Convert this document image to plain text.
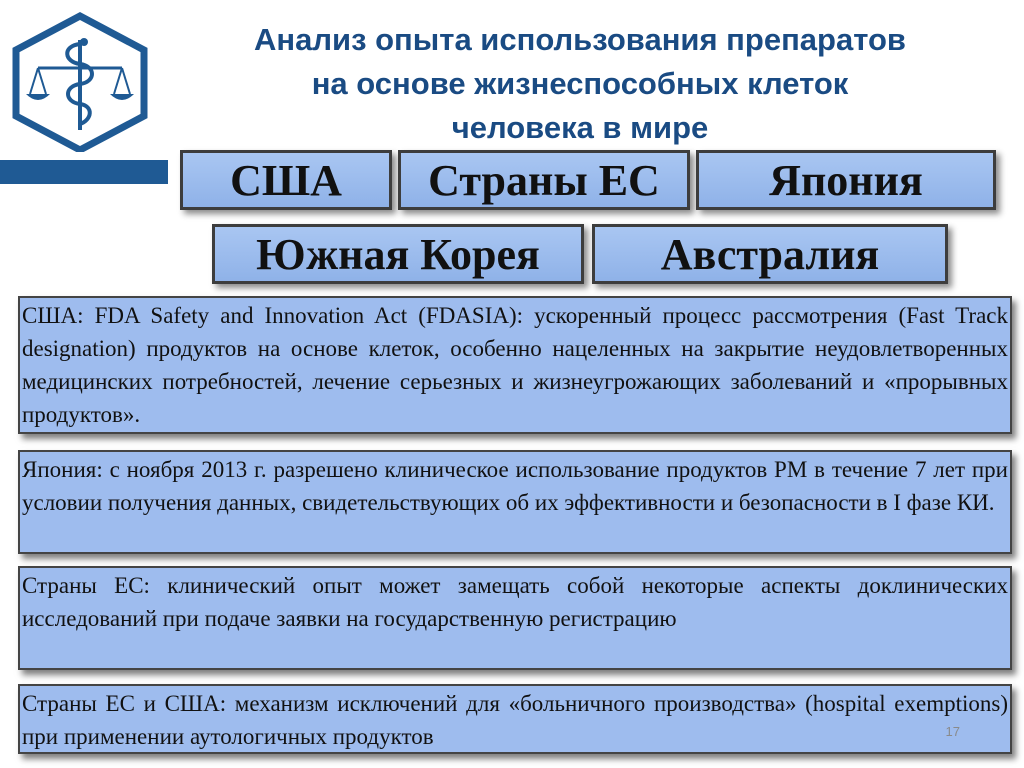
Анализ опыта использования препаратов
на основе жизнеспособных клеток
человека в мире
США	Страны ЕС	Япония
Южная Корея	Австралия
США: FDA Safety and Innovation Act (FDASIA): ускоренный процесс рассмотрения (Fast Track designation) продуктов на основе клеток, особенно нацеленных на закрытие неудовлетворенных медицинских потребностей, лечение серьезных и жизнеугрожающих заболеваний и «прорывных продуктов».
Япония: с ноября 2013 г. разрешено клиническое использование продуктов РМ в течение 7 лет при условии получения данных, свидетельствующих об их эффективности и безопасности в I фазе КИ.
Страны ЕС: клинический опыт может замещать собой некоторые аспекты доклинических исследований при подаче заявки на государственную регистрацию
Страны ЕС и США: механизм исключений для «больничного производства» (hospital exemptions) при применении аутологичных продуктов	17
